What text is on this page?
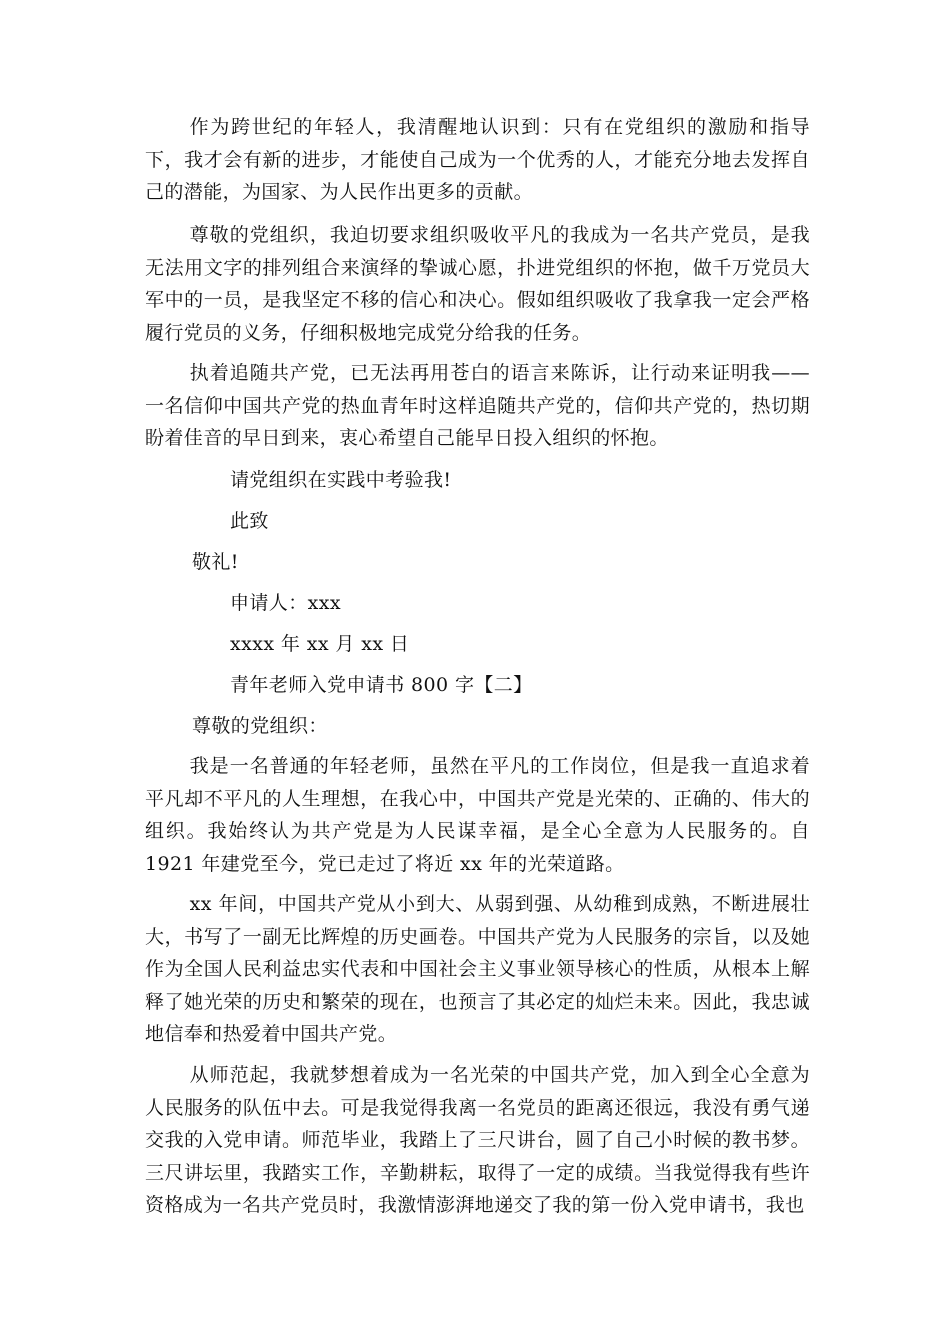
作为跨世纪的年轻人，我清醒地认识到：只有在党组织的激励和指导下，我才会有新的进步，才能使自己成为一个优秀的人，才能充分地去发挥自己的潜能，为国家、为人民作出更多的贡献。

尊敬的党组织，我迫切要求组织吸收平凡的我成为一名共产党员，是我无法用文字的排列组合来演绎的挚诚心愿，扑进党组织的怀抱，做千万党员大军中的一员，是我坚定不移的信心和决心。假如组织吸收了我拿我一定会严格履行党员的义务，仔细积极地完成党分给我的任务。

执着追随共产党，已无法再用苍白的语言来陈诉，让行动来证明我——一名信仰中国共产党的热血青年时这样追随共产党的，信仰共产党的，热切期盼着佳音的早日到来，衷心希望自己能早日投入组织的怀抱。

请党组织在实践中考验我!

此致

敬礼!

申请人：xxx

xxxx 年 xx 月 xx 日

青年老师入党申请书 800 字【二】

尊敬的党组织：

我是一名普通的年轻老师，虽然在平凡的工作岗位，但是我一直追求着平凡却不平凡的人生理想，在我心中，中国共产党是光荣的、正确的、伟大的组织。我始终认为共产党是为人民谋幸福，是全心全意为人民服务的。自 1921 年建党至今，党已走过了将近 xx 年的光荣道路。

xx 年间，中国共产党从小到大、从弱到强、从幼稚到成熟，不断进展壮大，书写了一副无比辉煌的历史画卷。中国共产党为人民服务的宗旨，以及她作为全国人民利益忠实代表和中国社会主义事业领导核心的性质，从根本上解释了她光荣的历史和繁荣的现在，也预言了其必定的灿烂未来。因此，我忠诚地信奉和热爱着中国共产党。

从师范起，我就梦想着成为一名光荣的中国共产党，加入到全心全意为人民服务的队伍中去。可是我觉得我离一名党员的距离还很远，我没有勇气递交我的入党申请。师范毕业，我踏上了三尺讲台，圆了自己小时候的教书梦。三尺讲坛里，我踏实工作，辛勤耕耘，取得了一定的成绩。当我觉得我有些许资格成为一名共产党员时，我激情澎湃地递交了我的第一份入党申请书，我也
